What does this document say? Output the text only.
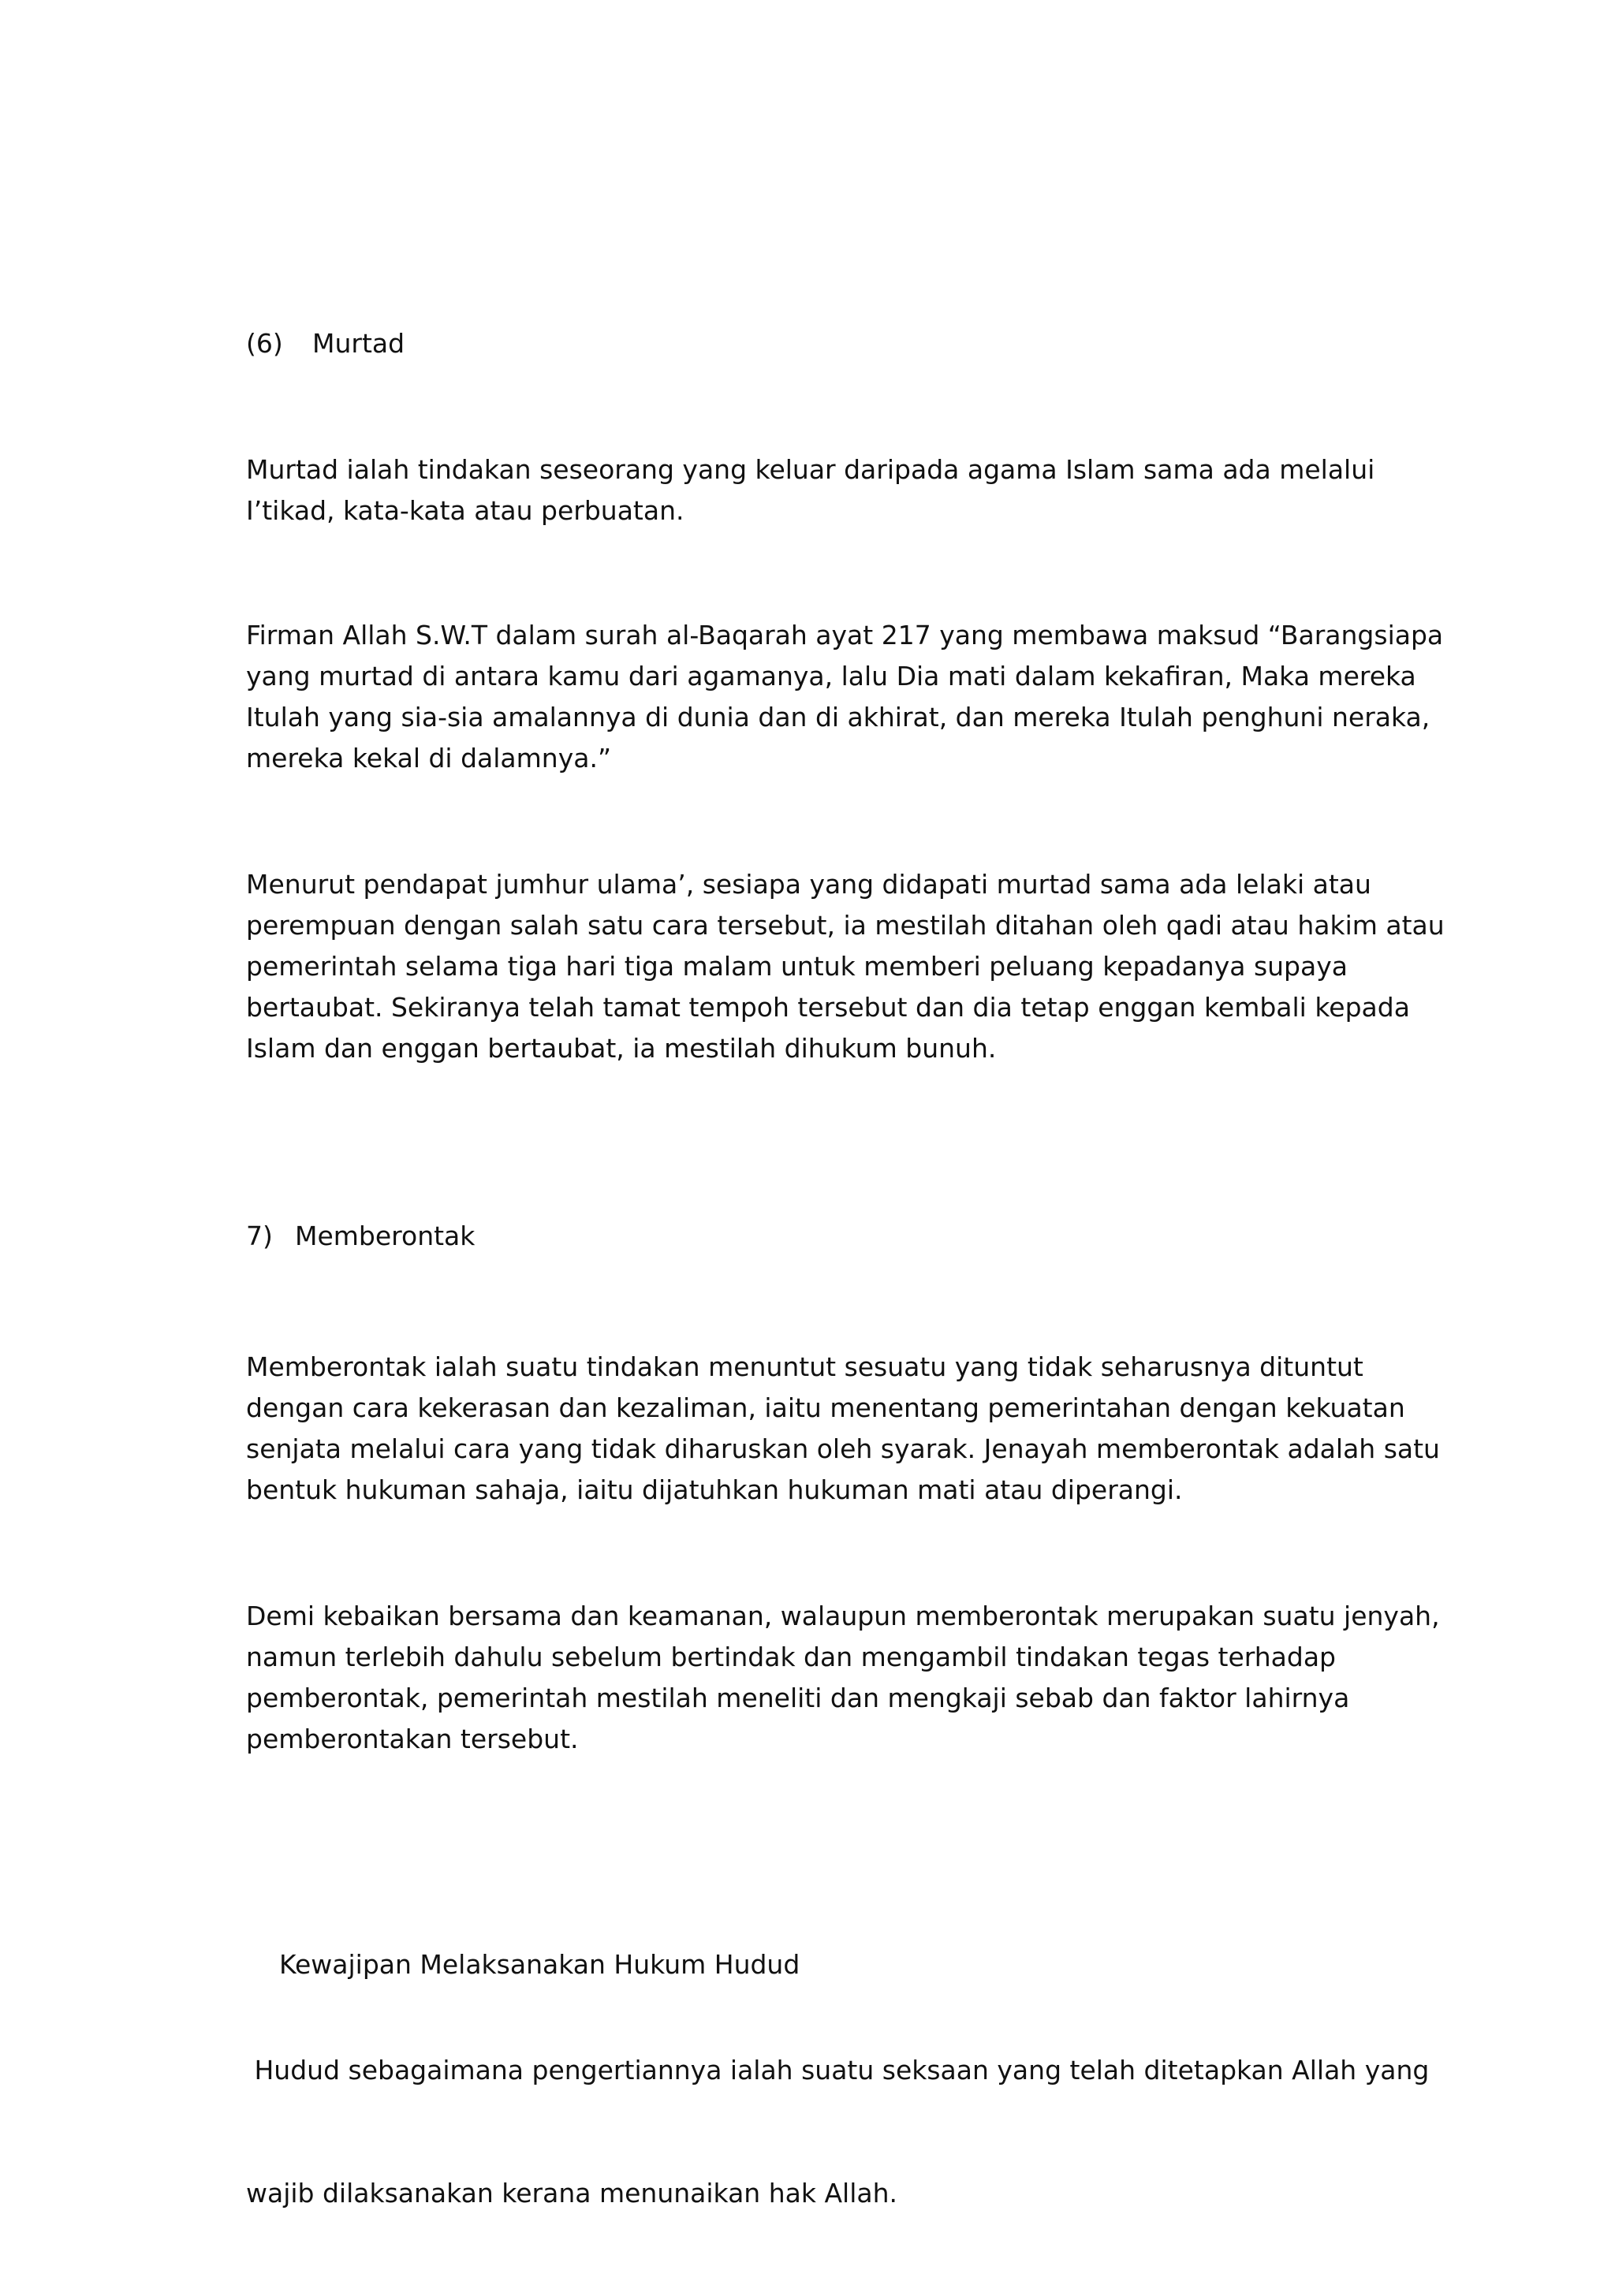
(6) Murtad
Murtad ialah tindakan seseorang yang keluar daripada agama Islam sama ada melalui
I’tikad, kata-kata atau perbuatan.
Firman Allah S.W.T dalam surah al-Baqarah ayat 217 yang membawa maksud “Barangsiapa
yang murtad di antara kamu dari agamanya, lalu Dia mati dalam kekafiran, Maka mereka
Itulah yang sia-sia amalannya di dunia dan di akhirat, dan mereka Itulah penghuni neraka,
mereka kekal di dalamnya.”
Menurut pendapat jumhur ulama’, sesiapa yang didapati murtad sama ada lelaki atau
perempuan dengan salah satu cara tersebut, ia mestilah ditahan oleh qadi atau hakim atau
pemerintah selama tiga hari tiga malam untuk memberi peluang kepadanya supaya
bertaubat. Sekiranya telah tamat tempoh tersebut dan dia tetap enggan kembali kepada
Islam dan enggan bertaubat, ia mestilah dihukum bunuh.
7) Memberontak
Memberontak ialah suatu tindakan menuntut sesuatu yang tidak seharusnya dituntut
dengan cara kekerasan dan kezaliman, iaitu menentang pemerintahan dengan kekuatan
senjata melalui cara yang tidak diharuskan oleh syarak. Jenayah memberontak adalah satu
bentuk hukuman sahaja, iaitu dijatuhkan hukuman mati atau diperangi.
Demi kebaikan bersama dan keamanan, walaupun memberontak merupakan suatu jenyah,
namun terlebih dahulu sebelum bertindak dan mengambil tindakan tegas terhadap
pemberontak, pemerintah mestilah meneliti dan mengkaji sebab dan faktor lahirnya
pemberontakan tersebut.

Kewajipan Melaksanakan Hukum Hudud

Hudud sebagaimana pengertiannya ialah suatu seksaan yang telah ditetapkan Allah yang

wajib dilaksanakan kerana menunaikan hak Allah.
